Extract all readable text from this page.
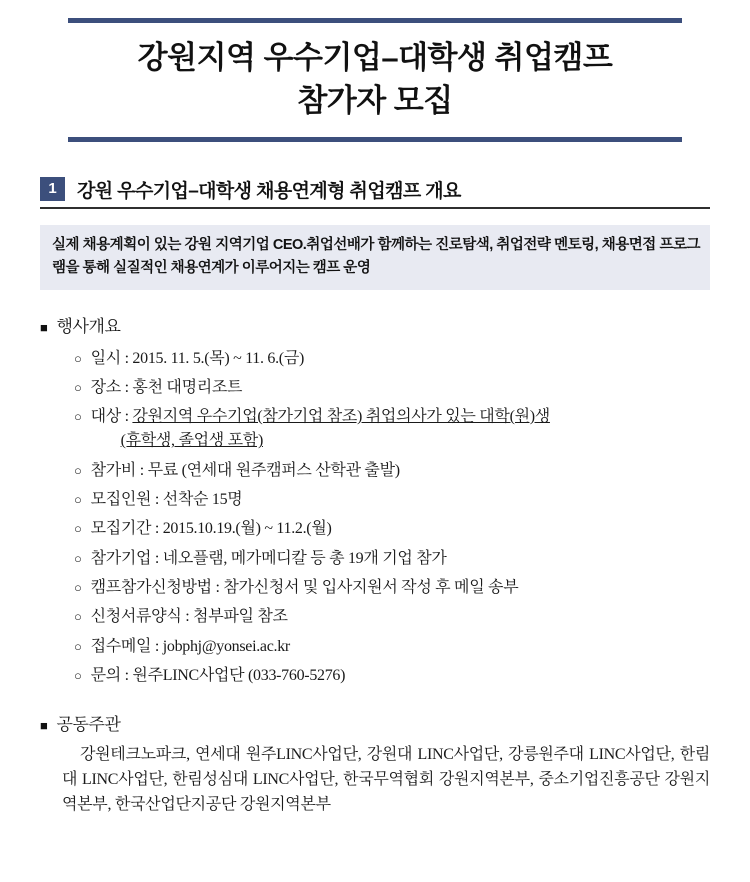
강원지역 우수기업–대학생 취업캠프
참가자 모집
1	강원 우수기업–대학생 채용연계형 취업캠프 개요
실제 채용계획이 있는 강원 지역기업 CEO.취업선배가 함께하는 진로탐색, 취업전략 멘토링, 채용면접 프로그램을 통해 실질적인 채용연계가 이루어지는 캠프 운영
■ 행사개요
○ 일시 : 2015. 11. 5.(목) ~ 11. 6.(금)
○ 장소 : 홍천 대명리조트
○ 대상 : 강원지역 우수기업(참가기업 참조) 취업의사가 있는 대학(원)생
(휴학생, 졸업생 포함)
○ 참가비 : 무료 (연세대 원주캠퍼스 산학관 출발)
○ 모집인원 : 선착순 15명
○ 모집기간 : 2015.10.19.(월) ~ 11.2.(월)
○ 참가기업 : 네오플램, 메가메디칼 등 총 19개 기업 참가
○ 캠프참가신청방법 : 참가신청서 및 입사지원서 작성 후 메일 송부
○ 신청서류양식 : 첨부파일 참조
○ 접수메일 : jobphj@yonsei.ac.kr
○ 문의 : 원주LINC사업단 (033-760-5276)
■ 공동주관
강원테크노파크, 연세대 원주LINC사업단, 강원대 LINC사업단, 강릉원주대 LINC사업단, 한림대 LINC사업단, 한림성심대 LINC사업단, 한국무역협회 강원지역본부, 중소기업진흥공단 강원지역본부, 한국산업단지공단 강원지역본부
